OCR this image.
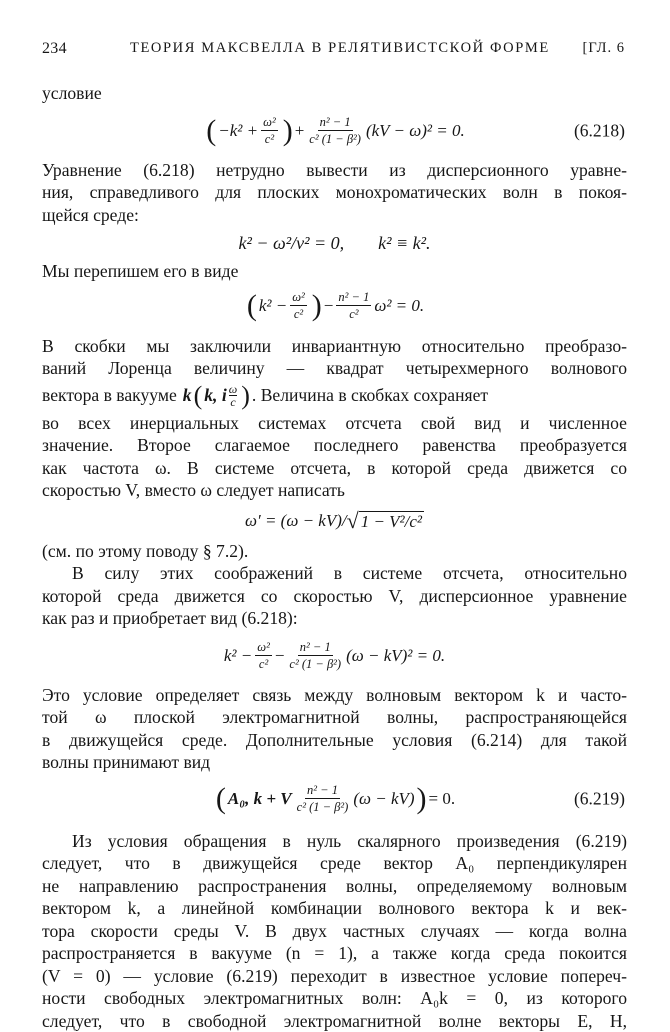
234	ТЕОРИЯ МАКСВЕЛЛА В РЕЛЯТИВИСТСКОЙ ФОРМЕ [ГЛ. 6

условие

( $-k^2 + \frac{\text{ω²}}{\text{c²}}$ ) + $\frac{\text{n² − 1}}{\text{c² (1 − β²)}} (kV - \omega)^2 = 0$.	(6.218)

Уравнение (6.218) нетрудно вывести из дисперсионного уравне-

ния, справедливого для плоских монохроматических волн в покоя-

щейся среде:

k² − ω²/v² = 0, k² ≡ k².

Мы перепишем его в виде

( $k^2 - \frac{\text{ω²}}{\text{c²}}$ ) − $\frac{\text{n² − 1}}{\text{c²}} \omega^2 = 0$.

В скобки мы заключили инвариантную относительно преобразо-

ваний Лоренца величину — квадрат четырехмерного волнового

вектора в вакууме k ( k, i $\frac{\omega}{c}$ ) . Величина в скобках сохраняет

во всех инерциальных системах отсчета свой вид и численное

значение. Второе слагаемое последнего равенства преобразуется

как частота ω. В системе отсчета, в которой среда движется со

скоростью V, вместо ω следует написать

ω′ = (ω − kV)/ √ 1 − V²/c²

(см. по этому поводу § 7.2).

В силу этих соображений в системе отсчета, относительно

которой среда движется со скоростью V, дисперсионное уравнение

как раз и приобретает вид (6.218):

$k^2 - \frac{\text{ω²}}{\text{c²}} - \frac{\text{n² − 1}}{\text{c² (1 − β²)}} (\omega - kV)^2 = 0$.

Это условие определяет связь между волновым вектором k и часто-

той ω плоской электромагнитной волны, распространяющейся

в движущейся среде. Дополнительные условия (6.214) для такой

волны принимают вид

( A₀, k + V $\frac{\text{n² − 1}}{\text{c² (1 − β²)}} (\omega - kV)$ ) = 0.	(6.219)

Из условия обращения в нуль скалярного произведения (6.219)

следует, что в движущейся среде вектор A₀ перпендикулярен

не направлению распространения волны, определяемому волновым

вектором k, а линейной комбинации волнового вектора k и век-

тора скорости среды V. В двух частных случаях — когда волна

распространяется в вакууме (n = 1), а также когда среда покоится

(V = 0) — условие (6.219) переходит в известное условие попереч-

ности свободных электромагнитных волн: A₀k = 0, из которого

следует, что в свободной электромагнитной волне векторы E, H,
